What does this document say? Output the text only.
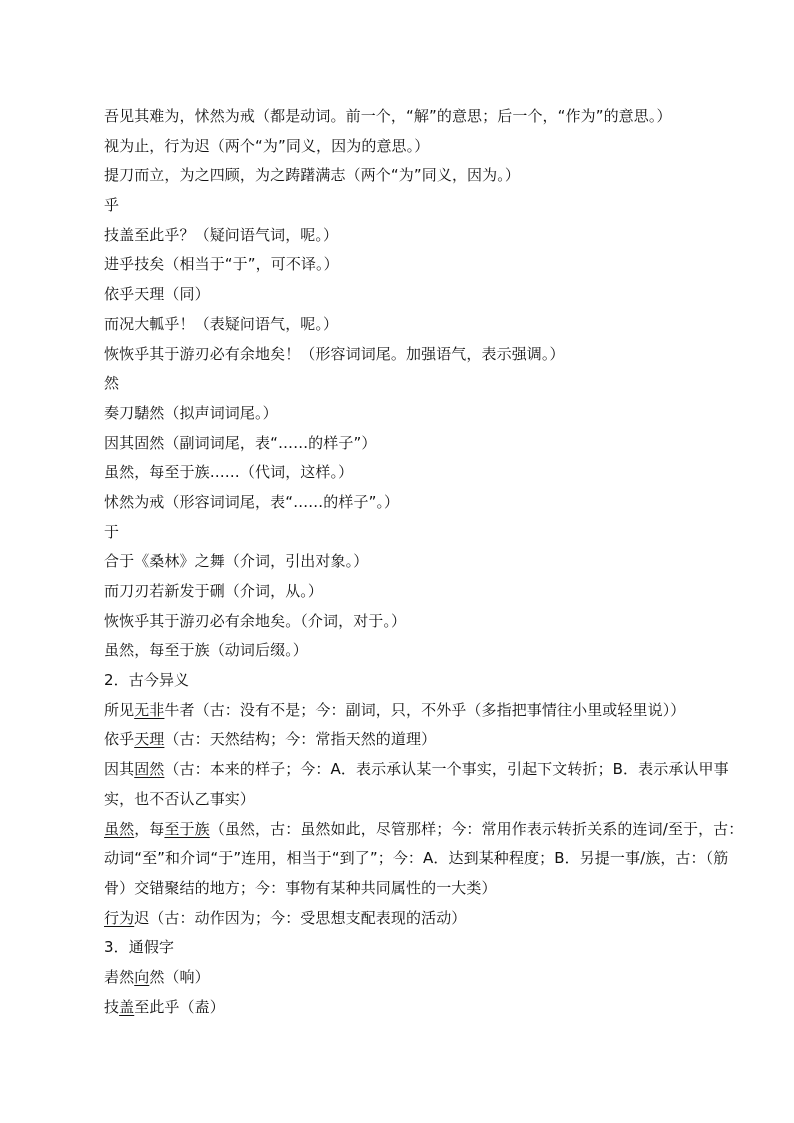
吾见其难为，怵然为戒（都是动词。前一个，“解”的意思；后一个，“作为”的意思。）
视为止，行为迟（两个“为”同义，因为的意思。）
提刀而立，为之四顾，为之踌躇满志（两个“为”同义，因为。）
乎
技盖至此乎？（疑问语气词，呢。）
进乎技矣（相当于“于”，可不译。）
依乎天理（同）
而况大軱乎！（表疑问语气，呢。）
恢恢乎其于游刃必有余地矣！（形容词词尾。加强语气，表示强调。）
然
奏刀騞然（拟声词词尾。）
因其固然（副词词尾，表“……的样子”）
虽然，每至于族……（代词，这样。）
怵然为戒（形容词词尾，表“……的样子”。）
于
合于《桑林》之舞（介词，引出对象。）
而刀刃若新发于硎（介词，从。）
恢恢乎其于游刃必有余地矣。（介词，对于。）
虽然，每至于族（动词后缀。）
2．古今异义
所见无非牛者（古：没有不是；今：副词，只，不外乎（多指把事情往小里或轻里说））
依乎天理（古：天然结构；今：常指天然的道理）
因其固然（古：本来的样子；今：A．表示承认某一个事实，引起下文转折；B．表示承认甲事实，也不否认乙事实）
虽然，每至于族（虽然，古：虽然如此，尽管那样；今：常用作表示转折关系的连词/至于，古：动词“至”和介词“于”连用，相当于“到了”；今：A．达到某种程度；B．另提一事/族，古：（筋骨）交错聚结的地方；今：事物有某种共同属性的一大类）
行为迟（古：动作因为；今：受思想支配表现的活动）
3．通假字
砉然向然（响）
技盖至此乎（盍）
